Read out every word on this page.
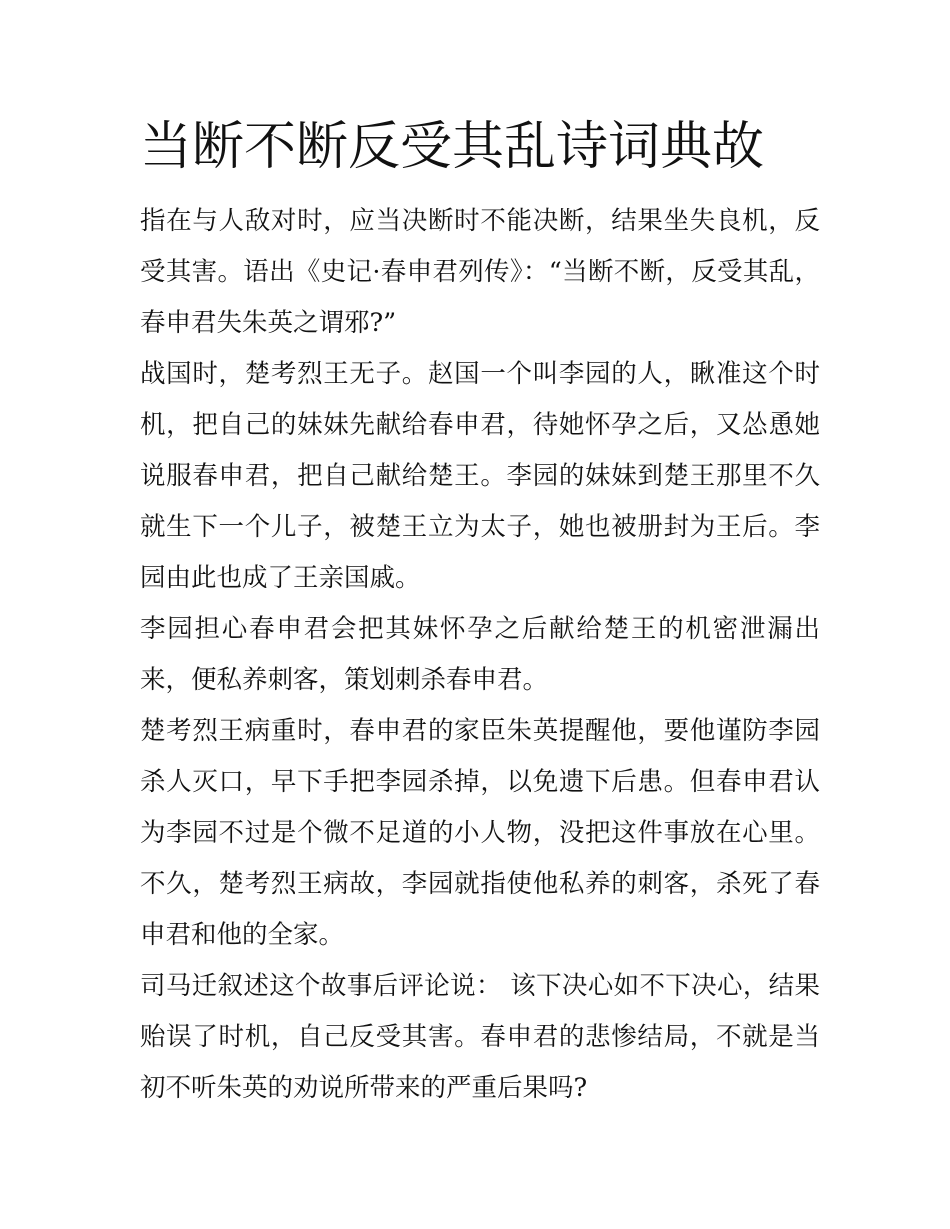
当断不断反受其乱诗词典故

指在与人敌对时，应当决断时不能决断，结果坐失良机，反受其害。语出《史记·春申君列传》：“当断不断，反受其乱，春申君失朱英之谓邪?”

战国时，楚考烈王无子。赵国一个叫李园的人，瞅准这个时机，把自己的妹妹先献给春申君，待她怀孕之后，又怂恿她说服春申君，把自己献给楚王。李园的妹妹到楚王那里不久就生下一个儿子，被楚王立为太子，她也被册封为王后。李园由此也成了王亲国戚。

李园担心春申君会把其妹怀孕之后献给楚王的机密泄漏出来，便私养刺客，策划刺杀春申君。

楚考烈王病重时，春申君的家臣朱英提醒他，要他谨防李园杀人灭口，早下手把李园杀掉，以免遗下后患。但春申君认为李园不过是个微不足道的小人物，没把这件事放在心里。不久，楚考烈王病故，李园就指使他私养的刺客，杀死了春申君和他的全家。

司马迁叙述这个故事后评论说： 该下决心如不下决心，结果贻误了时机，自己反受其害。春申君的悲惨结局，不就是当初不听朱英的劝说所带来的严重后果吗?
